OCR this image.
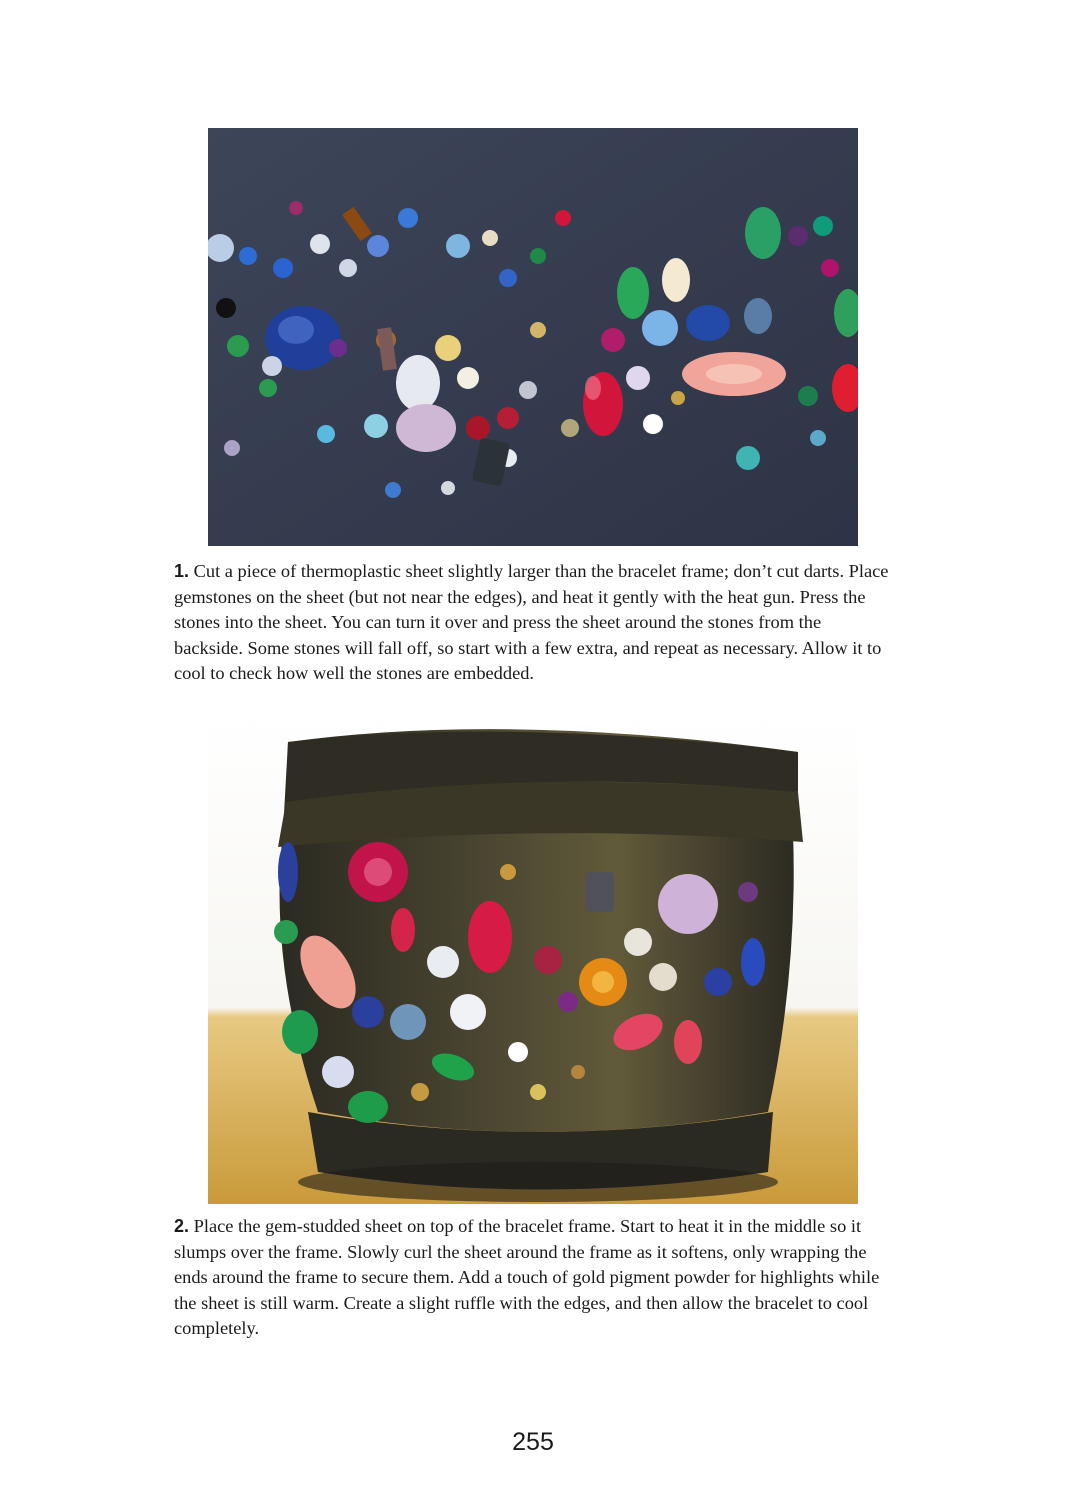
1. Cut a piece of thermoplastic sheet slightly larger than the bracelet frame; don’t cut darts. Place gemstones on the sheet (but not near the edges), and heat it gently with the heat gun. Press the stones into the sheet. You can turn it over and press the sheet around the stones from the backside. Some stones will fall off, so start with a few extra, and repeat as necessary. Allow it to cool to check how well the stones are embedded.

2. Place the gem-studded sheet on top of the bracelet frame. Start to heat it in the middle so it slumps over the frame. Slowly curl the sheet around the frame as it softens, only wrapping the ends around the frame to secure them. Add a touch of gold pigment powder for highlights while the sheet is still warm. Create a slight ruffle with the edges, and then allow the bracelet to cool completely.

255
